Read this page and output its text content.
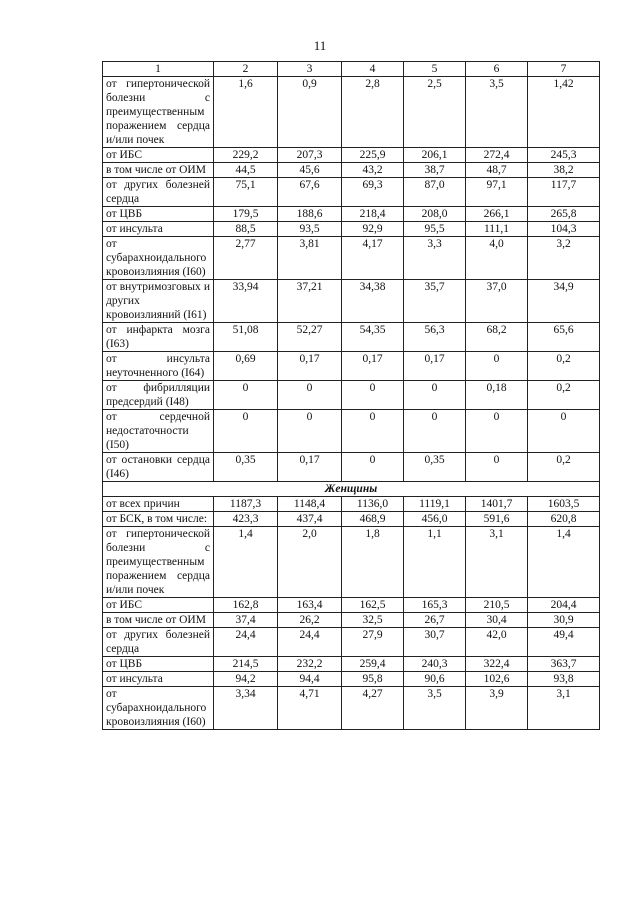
11
1	2	3	4	5	6	7
от гипертонической болезни с преимущественным поражением сердца и/или почек	1,6	0,9	2,8	2,5	3,5	1,42
от ИБС	229,2	207,3	225,9	206,1	272,4	245,3
в том числе от ОИМ	44,5	45,6	43,2	38,7	48,7	38,2
от других болезней сердца	75,1	67,6	69,3	87,0	97,1	117,7
от ЦВБ	179,5	188,6	218,4	208,0	266,1	265,8
от инсульта	88,5	93,5	92,9	95,5	111,1	104,3
от субарахноидального кровоизлияния (I60)	2,77	3,81	4,17	3,3	4,0	3,2
от внутримозговых и других кровоизлияний (I61)	33,94	37,21	34,38	35,7	37,0	34,9
от инфаркта мозга (I63)	51,08	52,27	54,35	56,3	68,2	65,6
от инсульта неуточненного (I64)	0,69	0,17	0,17	0,17	0	0,2
от фибрилляции предсердий (I48)	0	0	0	0	0,18	0,2
от сердечной недостаточности (I50)	0	0	0	0	0	0
от остановки сердца (I46)	0,35	0,17	0	0,35	0	0,2
Женщины						
от всех причин	1187,3	1148,4	1136,0	1119,1	1401,7	1603,5
от БСК, в том числе:	423,3	437,4	468,9	456,0	591,6	620,8
от гипертонической болезни с преимущественным поражением сердца и/или почек	1,4	2,0	1,8	1,1	3,1	1,4
от ИБС	162,8	163,4	162,5	165,3	210,5	204,4
в том числе от ОИМ	37,4	26,2	32,5	26,7	30,4	30,9
от других болезней сердца	24,4	24,4	27,9	30,7	42,0	49,4
от ЦВБ	214,5	232,2	259,4	240,3	322,4	363,7
от инсульта	94,2	94,4	95,8	90,6	102,6	93,8
от субарахноидального кровоизлияния (I60)	3,34	4,71	4,27	3,5	3,9	3,1
